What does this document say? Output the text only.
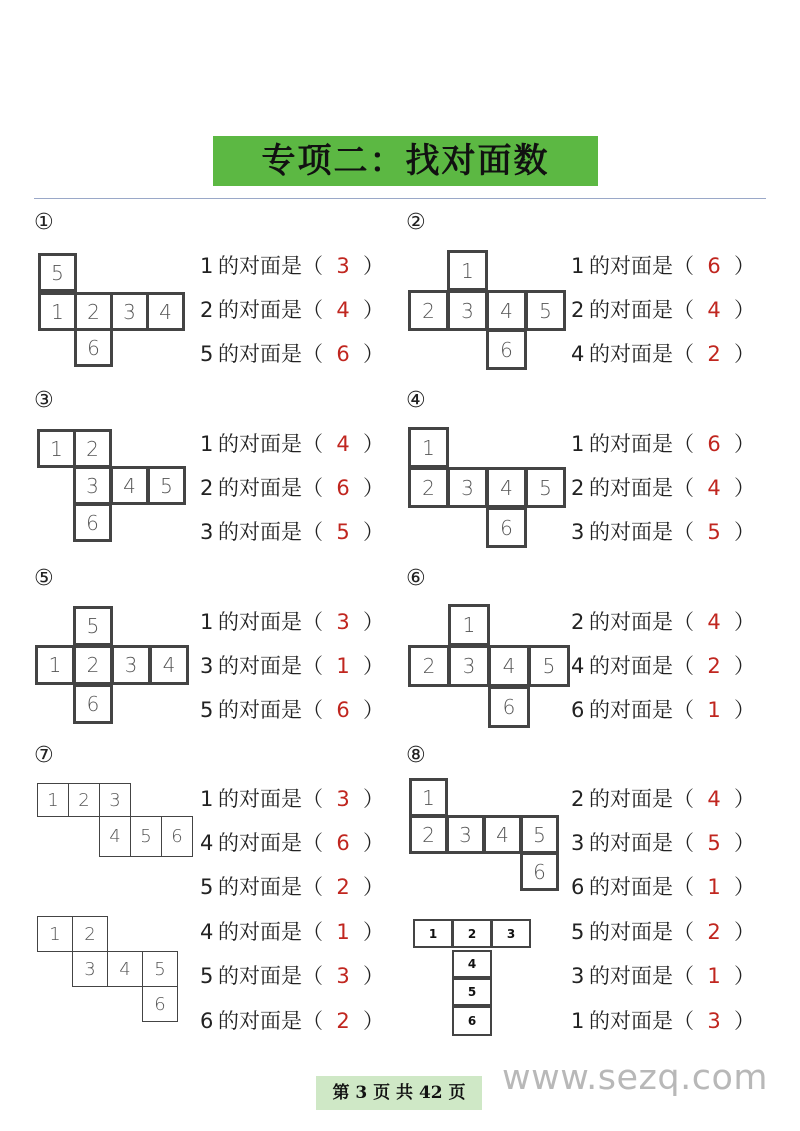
专项二：找对面数
①	②
③	④
⑤	⑥
⑦	⑧
5
1	2	3	4
6
1
2	3	4	5
6
1	2
3	4	5
6
1
2	3	4	5
6
5
1	2	3	4
6
1
2	3	4	5
6
1	2	3
4	5	6
1	2
3	4	5
6
1
2	3	4	5
6
1	2	3
4
5
6
1 的对面是（ 3 ）
2 的对面是（ 4 ）
5 的对面是（ 6 ）
1 的对面是（ 6 ）
2 的对面是（ 4 ）
4 的对面是（ 2 ）
1 的对面是（ 4 ）
2 的对面是（ 6 ）
3 的对面是（ 5 ）
1 的对面是（ 6 ）
2 的对面是（ 4 ）
3 的对面是（ 5 ）
1 的对面是（ 3 ）
3 的对面是（ 1 ）
5 的对面是（ 6 ）
2 的对面是（ 4 ）
4 的对面是（ 2 ）
6 的对面是（ 1 ）
1 的对面是（ 3 ）
4 的对面是（ 6 ）
5 的对面是（ 2 ）
4 的对面是（ 1 ）
5 的对面是（ 3 ）
6 的对面是（ 2 ）
2 的对面是（ 4 ）
3 的对面是（ 5 ）
6 的对面是（ 1 ）
5 的对面是（ 2 ）
3 的对面是（ 1 ）
1 的对面是（ 3 ）
第 3 页 共 42 页	www.sezq.com
